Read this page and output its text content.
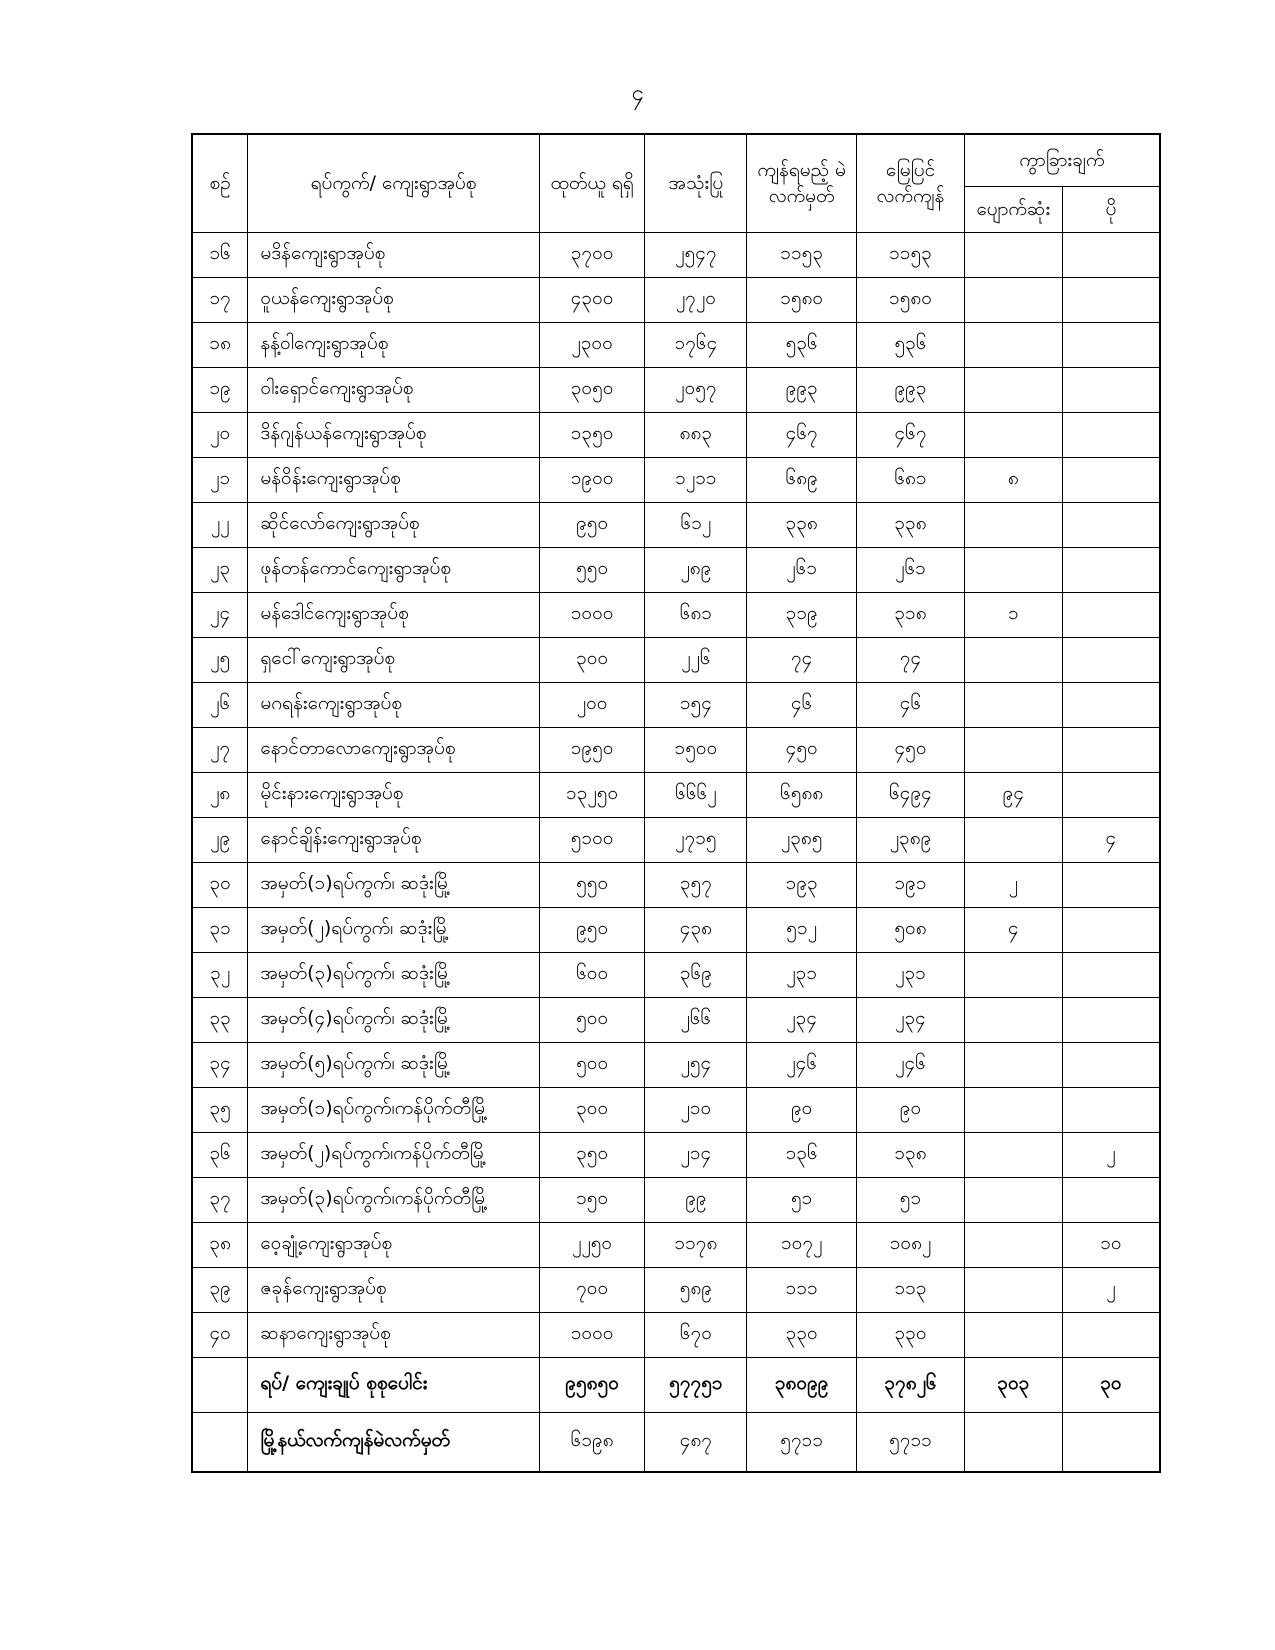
၄
စဉ်	ရပ်ကွက်/ ကျေးရွာအုပ်စု	ထုတ်ယူ ရရှိ	အသုံးပြု	ကျန်ရမည့် မဲလက်မှတ်	မြေပြင် လက်ကျန်	ကွာခြားချက်	
						ပျောက်ဆုံး	ပို
၁၆	မဒိန်ကျေးရွာအုပ်စု	၃၇၀၀	၂၅၄၇	၁၁၅၃	၁၁၅၃		
၁၇	ဝူယန်ကျေးရွာအုပ်စု	၄၃၀၀	၂၇၂၀	၁၅၈၀	၁၅၈၀		
၁၈	နန့်ဝါကျေးရွာအုပ်စု	၂၃၀၀	၁၇၆၄	၅၃၆	၅၃၆		
၁၉	ဝါးရှောင်ကျေးရွာအုပ်စု	၃၀၅၀	၂၀၅၇	၉၉၃	၉၉၃		
၂၀	ဒိန်ဂျန်ယန်ကျေးရွာအုပ်စု	၁၃၅၀	၈၈၃	၄၆၇	၄၆၇		
၂၁	မန်ဝိန်းကျေးရွာအုပ်စု	၁၉၀၀	၁၂၁၁	၆၈၉	၆၈၁	၈	
၂၂	ဆိုင်လော်ကျေးရွာအုပ်စု	၉၅၀	၆၁၂	၃၃၈	၃၃၈		
၂၃	ဖုန်တန်ကောင်ကျေးရွာအုပ်စု	၅၅၀	၂၈၉	၂၆၁	၂၆၁		
၂၄	မန်ဒေါင်ကျေးရွာအုပ်စု	၁၀၀၀	၆၈၁	၃၁၉	၃၁၈	၁	
၂၅	ရှငေါ်ကျေးရွာအုပ်စု	၃၀၀	၂၂၆	၇၄	၇၄		
၂၆	မဂရန်းကျေးရွာအုပ်စု	၂၀၀	၁၅၄	၄၆	၄၆		
၂၇	နောင်တာလောကျေးရွာအုပ်စု	၁၉၅၀	၁၅၀၀	၄၅၀	၄၅၀		
၂၈	မိုင်းနားကျေးရွာအုပ်စု	၁၃၂၅၀	၆၆၆၂	၆၅၈၈	၆၄၉၄	၉၄	
၂၉	နောင်ချိန်းကျေးရွာအုပ်စု	၅၁၀၀	၂၇၁၅	၂၃၈၅	၂၃၈၉		၄
၃၀	အမှတ်(၁)ရပ်ကွက်၊ ဆဒုံးမြို့	၅၅၀	၃၅၇	၁၉၃	၁၉၁	၂	
၃၁	အမှတ်(၂)ရပ်ကွက်၊ ဆဒုံးမြို့	၉၅၀	၄၃၈	၅၁၂	၅၀၈	၄	
၃၂	အမှတ်(၃)ရပ်ကွက်၊ ဆဒုံးမြို့	၆၀၀	၃၆၉	၂၃၁	၂၃၁		
၃၃	အမှတ်(၄)ရပ်ကွက်၊ ဆဒုံးမြို့	၅၀၀	၂၆၆	၂၃၄	၂၃၄		
၃၄	အမှတ်(၅)ရပ်ကွက်၊ ဆဒုံးမြို့	၅၀၀	၂၅၄	၂၄၆	၂၄၆		
၃၅	အမှတ်(၁)ရပ်ကွက်၊ကန်ပိုက်တီမြို့	၃၀၀	၂၁၀	၉၀	၉၀		
၃၆	အမှတ်(၂)ရပ်ကွက်၊ကန်ပိုက်တီမြို့	၃၅၀	၂၁၄	၁၃၆	၁၃၈		၂
၃၇	အမှတ်(၃)ရပ်ကွက်၊ကန်ပိုက်တီမြို့	၁၅၀	၉၉	၅၁	၅၁		
၃၈	ဝေ့ချုံ့ကျေးရွာအုပ်စု	၂၂၅၀	၁၁၇၈	၁၀၇၂	၁၀၈၂		၁၀
၃၉	ဇခုန်ကျေးရွာအုပ်စု	၇၀၀	၅၈၉	၁၁၁	၁၁၃		၂
၄၀	ဆနာကျေးရွာအုပ်စု	၁၀၀၀	၆၇၀	၃၃၀	၃၃၀		
	ရပ်/ ကျေးချုပ် စုစုပေါင်း	၉၅၈၅၀	၅၇၇၅၁	၃၈၀၉၉	၃၇၈၂၆	၃၀၃	၃၀
	မြို့နယ်လက်ကျန်မဲလက်မှတ်	၆၁၉၈	၄၈၇	၅၇၁၁	၅၇၁၁		
